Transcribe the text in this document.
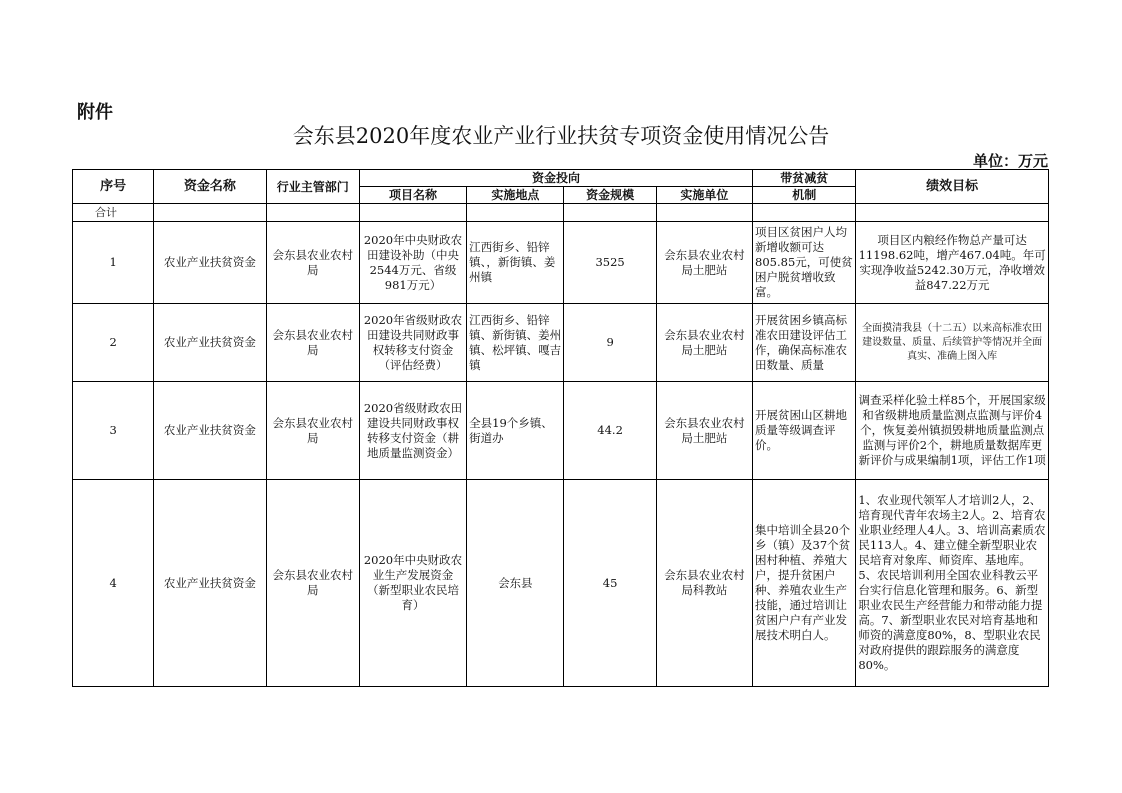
附件
会东县2020年度农业产业行业扶贫专项资金使用情况公告
单位：万元
序号	资金名称	行业主管部门	资金投向				带贫减贫	绩效目标
			项目名称	实施地点	资金规模	实施单位	机制	
合计								
1	农业产业扶贫资金	会东县农业农村局	2020年中央财政农田建设补助（中央2544万元、省级981万元）	江西街乡、铅锌镇、，新街镇、姜州镇	3525	会东县农业农村局土肥站	项目区贫困户人均新增收额可达805.85元，可使贫困户脱贫增收致富。	项目区内粮经作物总产量可达11198.62吨，增产467.04吨。年可实现净收益5242.30万元，净收增效益847.22万元
2	农业产业扶贫资金	会东县农业农村局	2020年省级财政农田建设共同财政事权转移支付资金（评估经费）	江西街乡、铅锌镇、新街镇、姜州镇、松坪镇、嘎吉镇	9	会东县农业农村局土肥站	开展贫困乡镇高标准农田建设评估工作，确保高标准农田数量、质量	全面摸清我县（十二五）以来高标准农田建设数量、质量、后续管护等情况并全面真实、准确上图入库
3	农业产业扶贫资金	会东县农业农村局	2020省级财政农田建设共同财政事权转移支付资金（耕地质量监测资金）	全县19个乡镇、街道办	44.2	会东县农业农村局土肥站	开展贫困山区耕地质量等级调查评价。	调查采样化验土样85个，开展国家级和省级耕地质量监测点监测与评价4个，恢复姜州镇损毁耕地质量监测点监测与评价2个，耕地质量数据库更新评价与成果编制1项，评估工作1项
4	农业产业扶贫资金	会东县农业农村局	2020年中央财政农业生产发展资金（新型职业农民培育）	会东县	45	会东县农业农村局科教站	集中培训全县20个乡（镇）及37个贫困村种植、养殖大户，提升贫困户种、养殖农业生产技能，通过培训让贫困户户有产业发展技术明白人。	1、农业现代领军人才培训2人，2、培育现代青年农场主2人。2、培育农业职业经理人4人。3、培训高素质农民113人。4、建立健全新型职业农民培育对象库、师资库、基地库。5、农民培训利用全国农业科教云平台实行信息化管理和服务。6、新型职业农民生产经营能力和带动能力提高。7、新型职业农民对培育基地和师资的满意度80%，8、型职业农民对政府提供的跟踪服务的满意度80%。
